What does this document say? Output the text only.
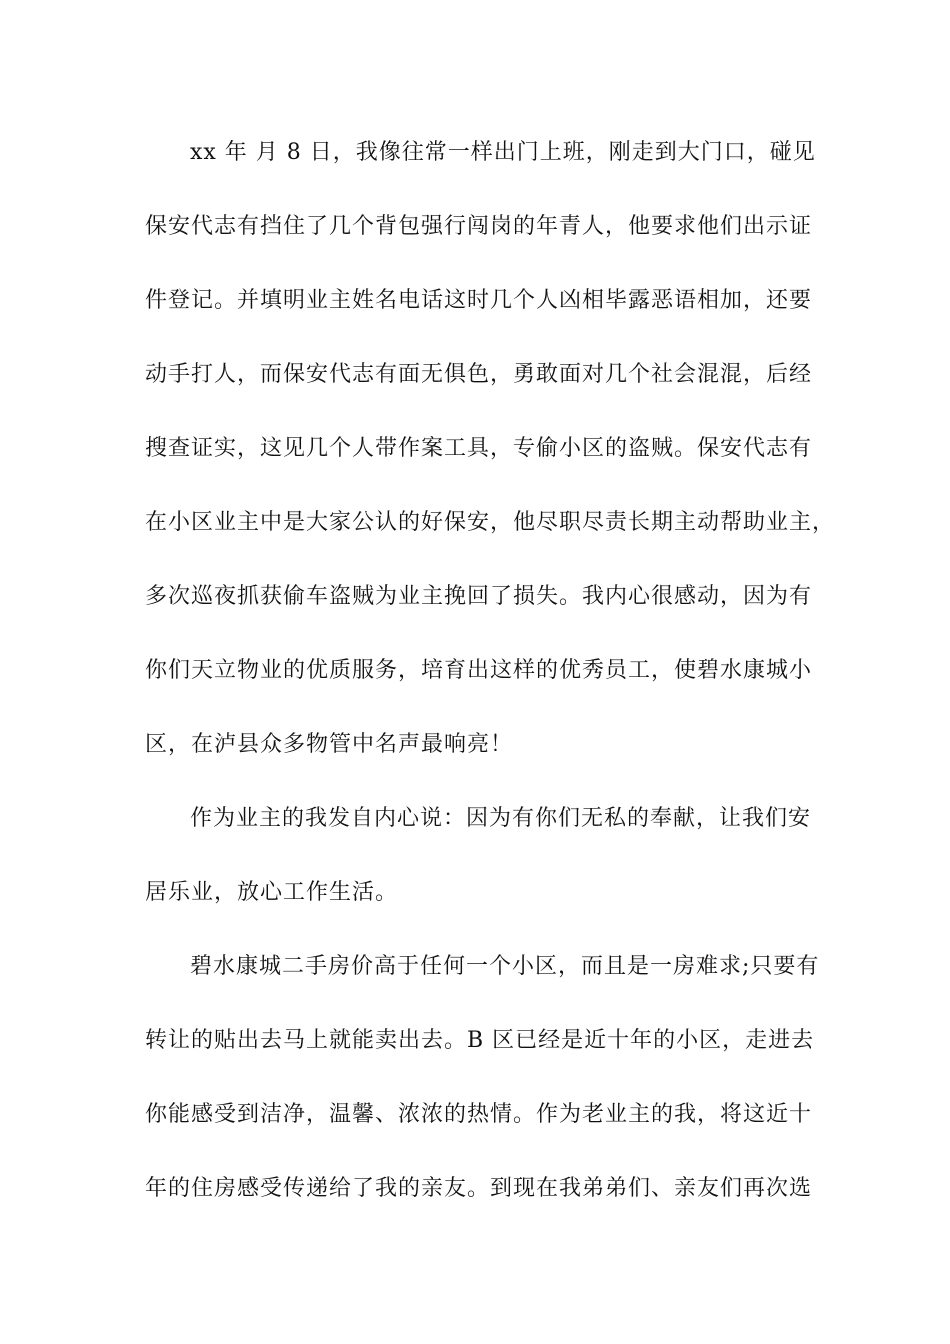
xx 年 月 8 日，我像往常一样出门上班，刚走到大门口，碰见
保安代志有挡住了几个背包强行闯岗的年青人，他要求他们出示证
件登记。并填明业主姓名电话这时几个人凶相毕露恶语相加，还要
动手打人，而保安代志有面无俱色，勇敢面对几个社会混混，后经
搜查证实，这见几个人带作案工具，专偷小区的盗贼。保安代志有
在小区业主中是大家公认的好保安，他尽职尽责长期主动帮助业主，
多次巡夜抓获偷车盗贼为业主挽回了损失。我内心很感动，因为有
你们天立物业的优质服务，培育出这样的优秀员工，使碧水康城小
区，在泸县众多物管中名声最响亮！
作为业主的我发自内心说：因为有你们无私的奉献，让我们安
居乐业，放心工作生活。
碧水康城二手房价高于任何一个小区，而且是一房难求;只要有
转让的贴出去马上就能卖出去。B 区已经是近十年的小区，走进去
你能感受到洁净，温馨、浓浓的热情。作为老业主的我，将这近十
年的住房感受传递给了我的亲友。到现在我弟弟们、亲友们再次选
